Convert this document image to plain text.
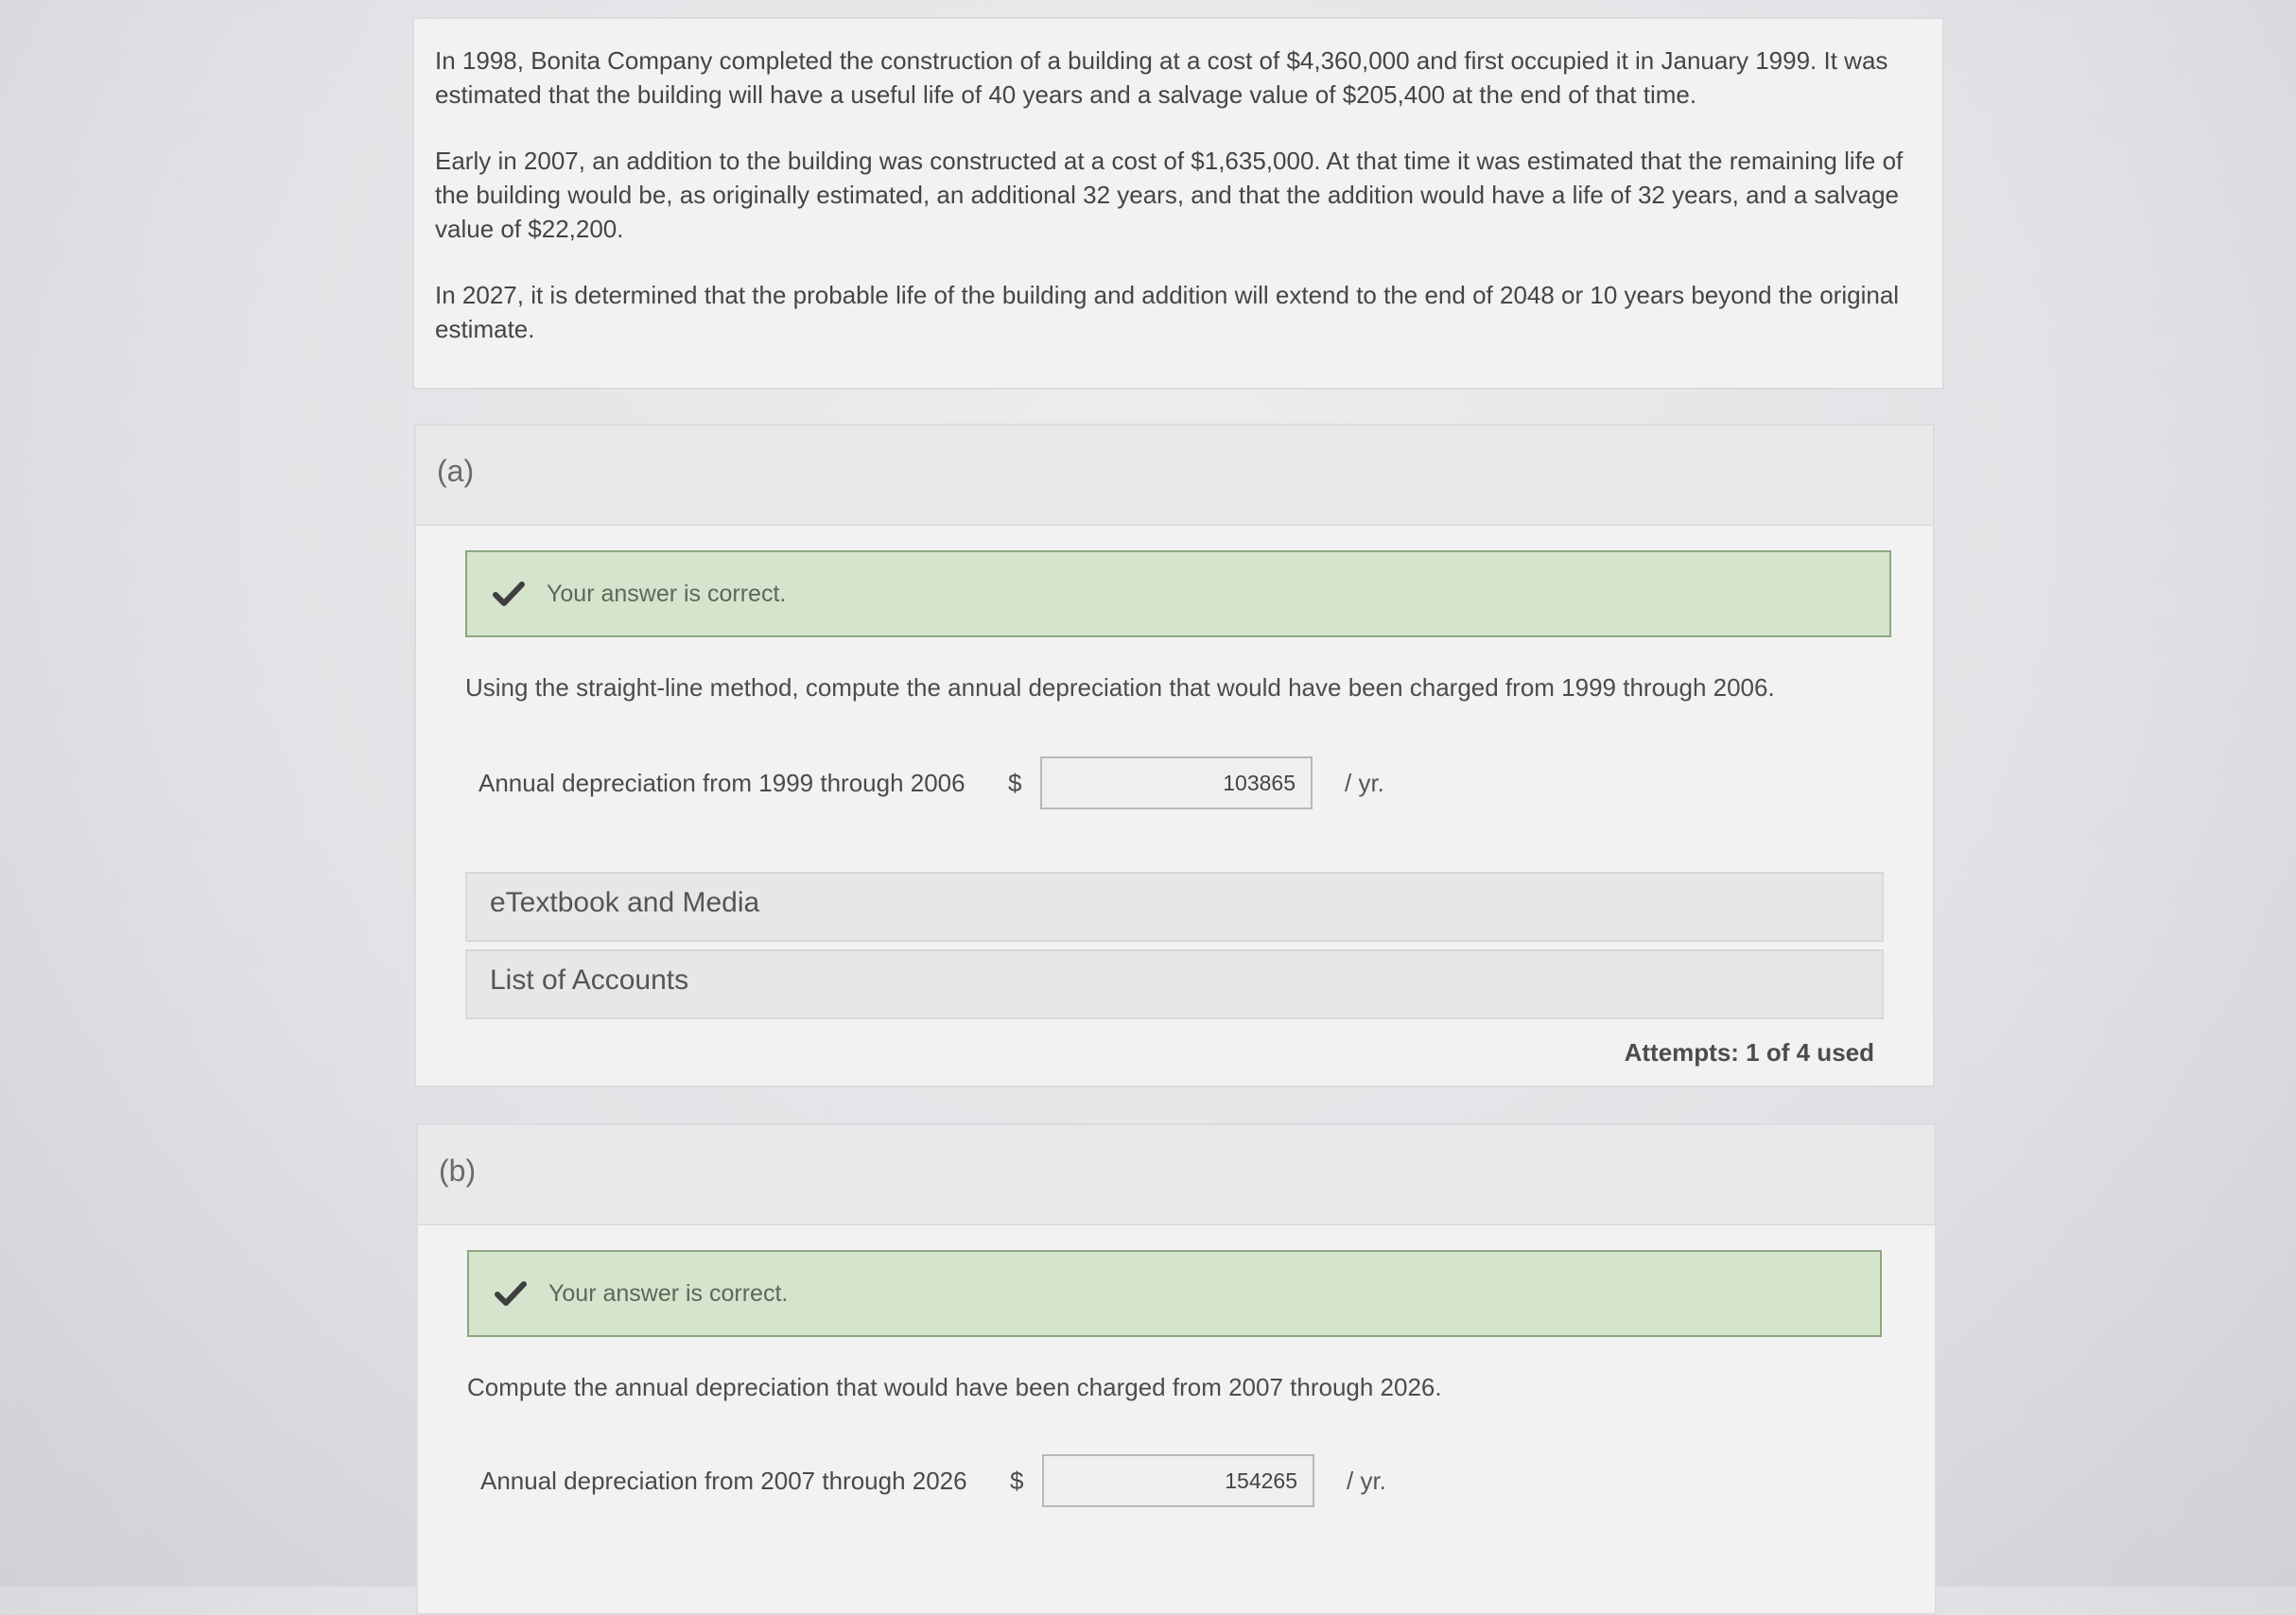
In 1998, Bonita Company completed the construction of a building at a cost of $4,360,000 and first occupied it in January 1999. It was estimated that the building will have a useful life of 40 years and a salvage value of $205,400 at the end of that time.

Early in 2007, an addition to the building was constructed at a cost of $1,635,000. At that time it was estimated that the remaining life of the building would be, as originally estimated, an additional 32 years, and that the addition would have a life of 32 years, and a salvage value of $22,200.

In 2027, it is determined that the probable life of the building and addition will extend to the end of 2048 or 10 years beyond the original estimate.

(a)
Your answer is correct.
Using the straight-line method, compute the annual depreciation that would have been charged from 1999 through 2006.
Annual depreciation from 1999 through 2006	$
103865	/ yr.
eTextbook and Media
List of Accounts
Attempts: 1 of 4 used
(b)
Your answer is correct.
Compute the annual depreciation that would have been charged from 2007 through 2026.
Annual depreciation from 2007 through 2026	$
154265	/ yr.
